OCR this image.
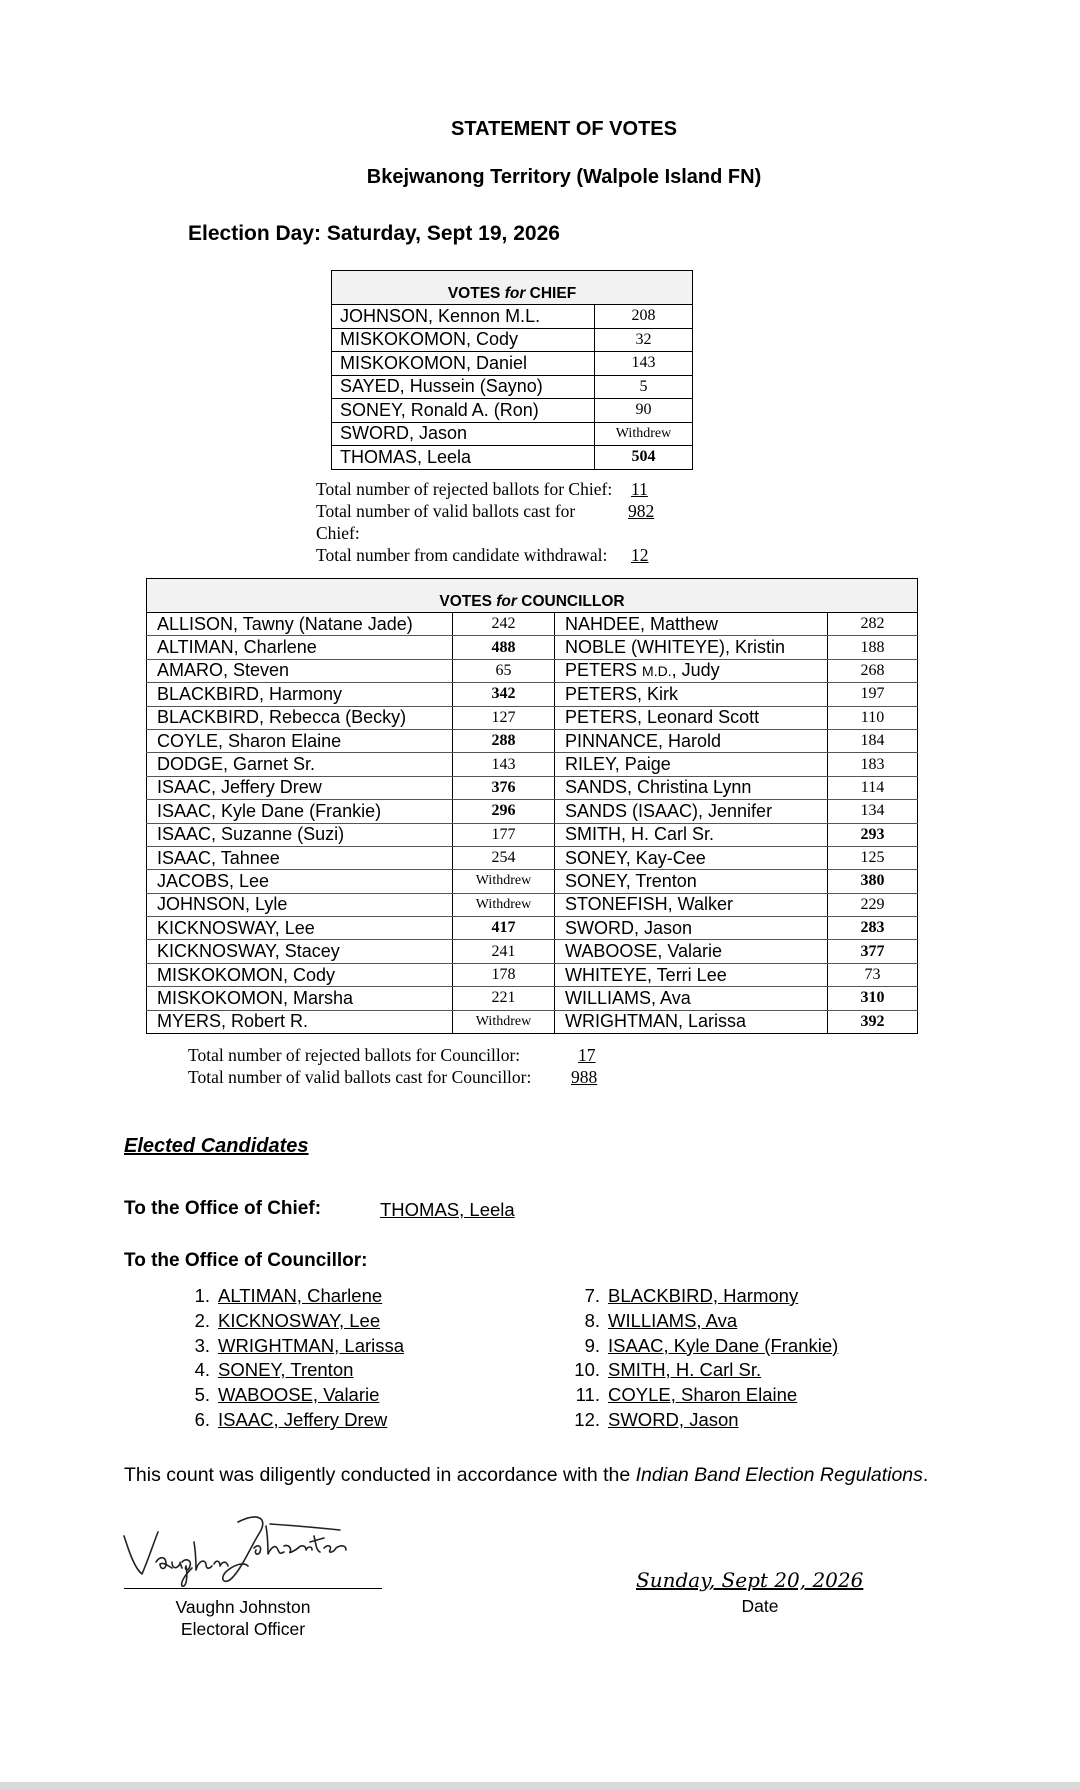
STATEMENT OF VOTES
Bkejwanong Territory (Walpole Island FN)
Election Day: Saturday, Sept 19, 2026
VOTES for CHIEF	
JOHNSON, Kennon M.L.	208
MISKOKOMON, Cody	32
MISKOKOMON, Daniel	143
SAYED, Hussein (Sayno)	5
SONEY, Ronald A. (Ron)	90
SWORD, Jason	Withdrew
THOMAS, Leela	504
Total number of rejected ballots for Chief:	11
Total number of valid ballots cast for Chief:
982
Total number from candidate withdrawal:	12
VOTES for COUNCILLOR			
ALLISON, Tawny (Natane Jade)	242	NAHDEE, Matthew	282
ALTIMAN, Charlene	488	NOBLE (WHITEYE), Kristin	188
AMARO, Steven	65	PETERS M.D., Judy	268
BLACKBIRD, Harmony	342	PETERS, Kirk	197
BLACKBIRD, Rebecca (Becky)	127	PETERS, Leonard Scott	110
COYLE, Sharon Elaine	288	PINNANCE, Harold	184
DODGE, Garnet Sr.	143	RILEY, Paige	183
ISAAC, Jeffery Drew	376	SANDS, Christina Lynn	114
ISAAC, Kyle Dane (Frankie)	296	SANDS (ISAAC), Jennifer	134
ISAAC, Suzanne (Suzi)	177	SMITH, H. Carl Sr.	293
ISAAC, Tahnee	254	SONEY, Kay-Cee	125
JACOBS, Lee	Withdrew	SONEY, Trenton	380
JOHNSON, Lyle	Withdrew	STONEFISH, Walker	229
KICKNOSWAY, Lee	417	SWORD, Jason	283
KICKNOSWAY, Stacey	241	WABOOSE, Valarie	377
MISKOKOMON, Cody	178	WHITEYE, Terri Lee	73
MISKOKOMON, Marsha	221	WILLIAMS, Ava	310
MYERS, Robert R.	Withdrew	WRIGHTMAN, Larissa	392
Total number of rejected ballots for Councillor:	17
Total number of valid ballots cast for Councillor:	988
Elected Candidates
To the Office of Chief:	THOMAS, Leela
To the Office of Councillor:
1. ALTIMAN, Charlene
2. KICKNOSWAY, Lee
3. WRIGHTMAN, Larissa
4. SONEY, Trenton
5. WABOOSE, Valarie
6. ISAAC, Jeffery Drew
7. BLACKBIRD, Harmony
8. WILLIAMS, Ava
9. ISAAC, Kyle Dane (Frankie)
10. SMITH, H. Carl Sr.
11. COYLE, Sharon Elaine
12. SWORD, Jason
This count was diligently conducted in accordance with the Indian Band Election Regulations.
Vaughn Johnston
Electoral Officer
Sunday, Sept 20, 2026
Date
